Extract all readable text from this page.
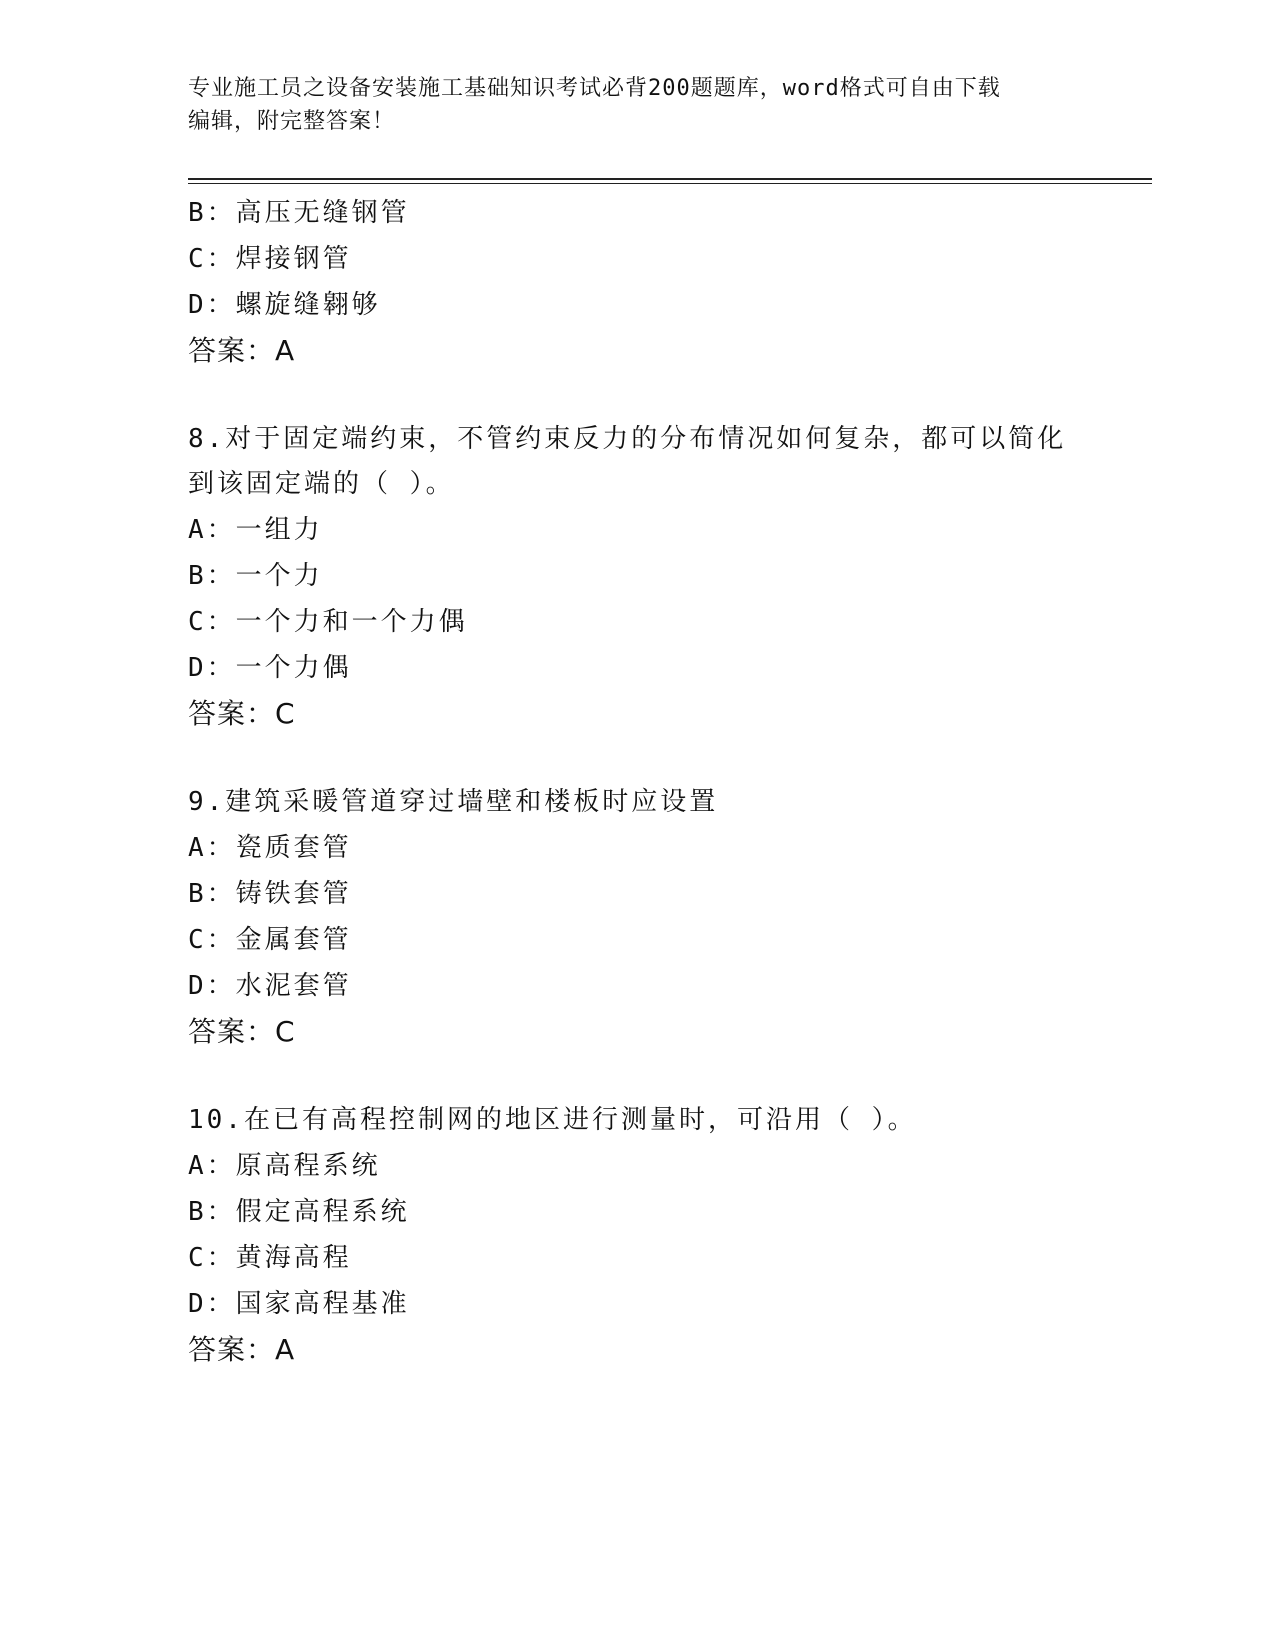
专业施工员之设备安装施工基础知识考试必背200题题库，word格式可自由下载
编辑，附完整答案！
B：高压无缝钢管
C：焊接钢管
D：螺旋缝翱够
答案：A
8.对于固定端约束，不管约束反力的分布情况如何复杂，都可以简化
到该固定端的（ ）。
A：一组力
B：一个力
C：一个力和一个力偶
D：一个力偶
答案：C
9.建筑采暖管道穿过墙壁和楼板时应设置
A：瓷质套管
B：铸铁套管
C：金属套管
D：水泥套管
答案：C
10.在已有高程控制网的地区进行测量时，可沿用（ ）。
A：原高程系统
B：假定高程系统
C：黄海高程
D：国家高程基准
答案：A
